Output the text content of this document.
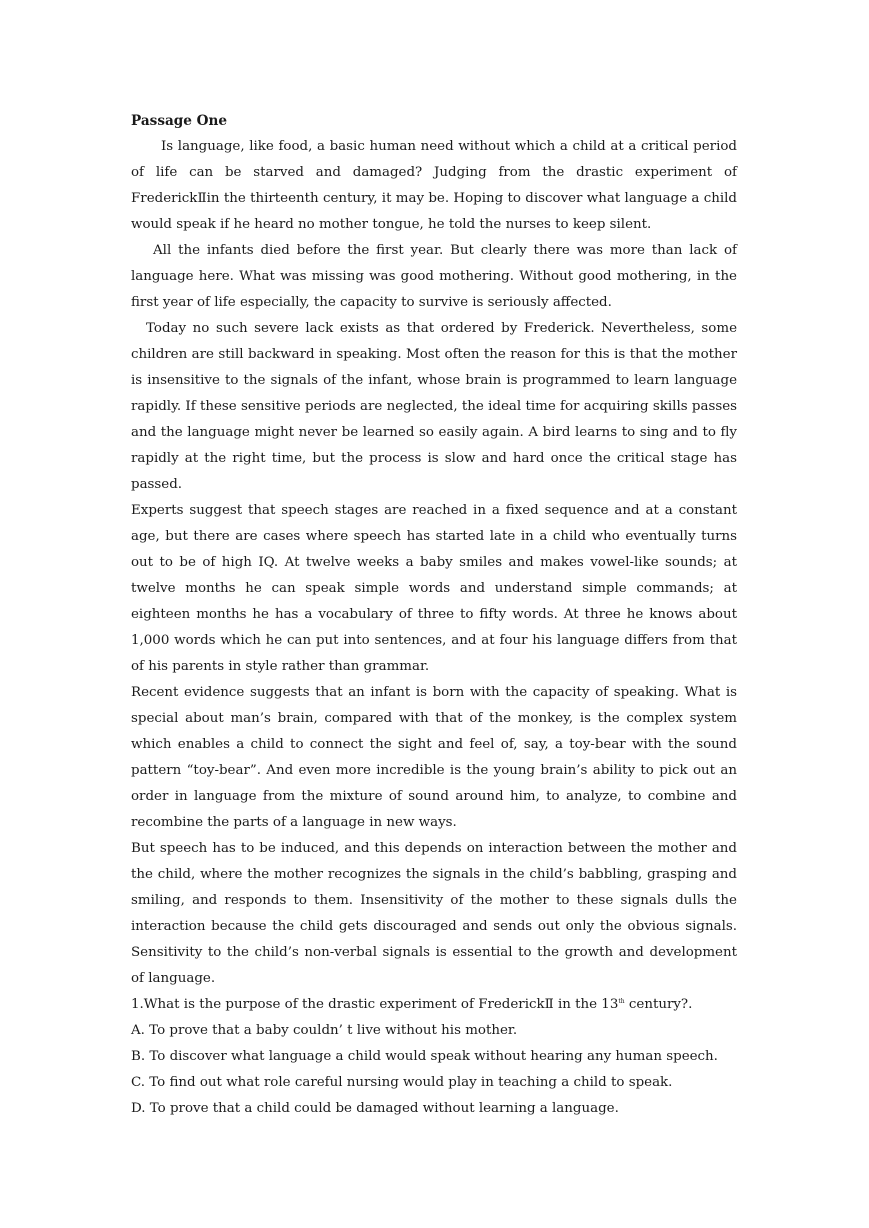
Passage One

Is language, like food, a basic human need without which a child at a critical period of life can be starved and damaged? Judging from the drastic experiment of FrederickⅡin the thirteenth century, it may be. Hoping to discover what language a child would speak if he heard no mother tongue, he told the nurses to keep silent.

All the infants died before the first year. But clearly there was more than lack of language here. What was missing was good mothering. Without good mothering, in the first year of life especially, the capacity to survive is seriously affected.

Today no such severe lack exists as that ordered by Frederick. Nevertheless, some children are still backward in speaking. Most often the reason for this is that the mother is insensitive to the signals of the infant, whose brain is programmed to learn language rapidly. If these sensitive periods are neglected, the ideal time for acquiring skills passes and the language might never be learned so easily again. A bird learns to sing and to fly rapidly at the right time, but the process is slow and hard once the critical stage has passed.

Experts suggest that speech stages are reached in a fixed sequence and at a constant age, but there are cases where speech has started late in a child who eventually turns out to be of high IQ. At twelve weeks a baby smiles and makes vowel-like sounds; at twelve months he can speak simple words and understand simple commands; at eighteen months he has a vocabulary of three to fifty words. At three he knows about 1,000 words which he can put into sentences, and at four his language differs from that of his parents in style rather than grammar.

Recent evidence suggests that an infant is born with the capacity of speaking. What is special about man’s brain, compared with that of the monkey, is the complex system which enables a child to connect the sight and feel of, say, a toy-bear with the sound pattern “toy-bear”. And even more incredible is the young brain’s ability to pick out an order in language from the mixture of sound around him, to analyze, to combine and recombine the parts of a language in new ways.

But speech has to be induced, and this depends on interaction between the mother and the child, where the mother recognizes the signals in the child’s babbling, grasping and smiling, and responds to them. Insensitivity of the mother to these signals dulls the interaction because the child gets discouraged and sends out only the obvious signals. Sensitivity to the child’s non-verbal signals is essential to the growth and development of language.

1.What is the purpose of the drastic experiment of FrederickⅡ in the 13th century?.

A. To prove that a baby couldn’ t live without his mother.

B. To discover what language a child would speak without hearing any human speech.

C. To find out what role careful nursing would play in teaching a child to speak.

D. To prove that a child could be damaged without learning a language.
